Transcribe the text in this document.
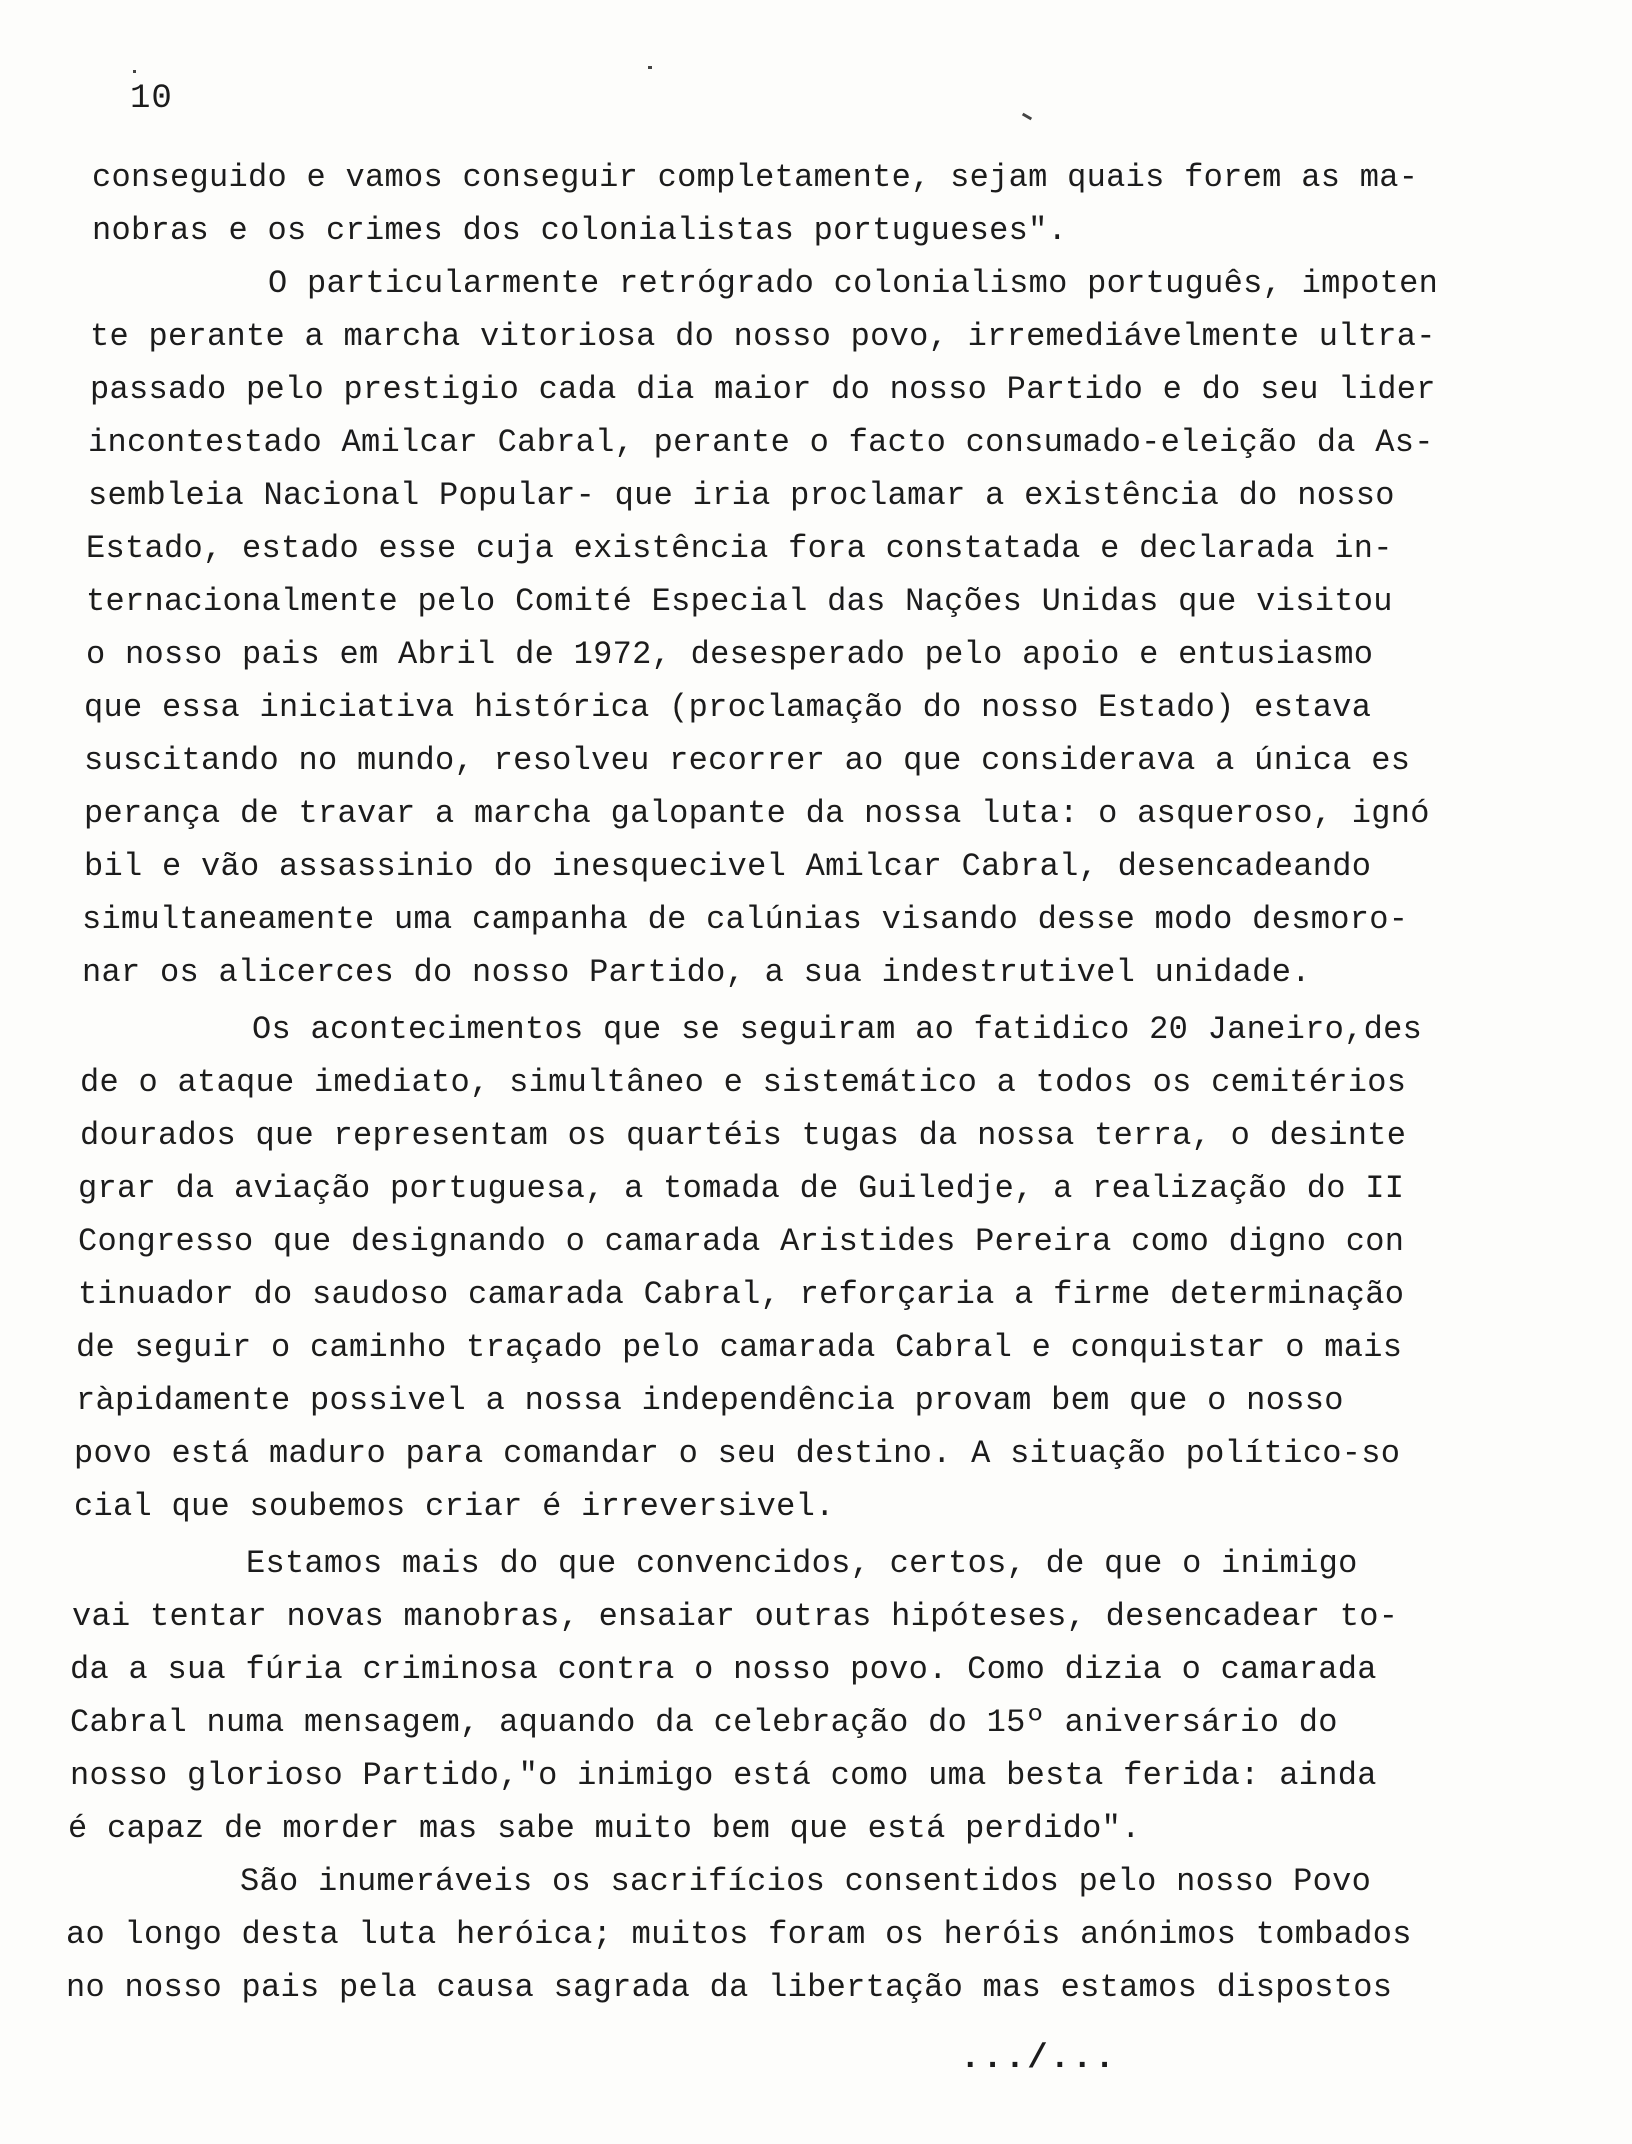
10
conseguido e vamos conseguir completamente, sejam quais forem as ma-
nobras e os crimes dos colonialistas portugueses".
O particularmente retrógrado colonialismo português, impoten
te perante a marcha vitoriosa do nosso povo, irremediávelmente ultra-
passado pelo prestigio cada dia maior do nosso Partido e do seu lider
incontestado Amilcar Cabral, perante o facto consumado-eleição da As-
sembleia Nacional Popular- que iria proclamar a existência do nosso
Estado, estado esse cuja existência fora constatada e declarada in-
ternacionalmente pelo Comité Especial das Nações Unidas que visitou
o nosso pais em Abril de 1972, desesperado pelo apoio e entusiasmo
que essa iniciativa histórica (proclamação do nosso Estado) estava
suscitando no mundo, resolveu recorrer ao que considerava a única es
perança de travar a marcha galopante da nossa luta: o asqueroso, ignó
bil e vão assassinio do inesquecivel Amilcar Cabral, desencadeando
simultaneamente uma campanha de calúnias visando desse modo desmoro-
nar os alicerces do nosso Partido, a sua indestrutivel unidade.
Os acontecimentos que se seguiram ao fatidico 20 Janeiro,des
de o ataque imediato, simultâneo e sistemático a todos os cemitérios
dourados que representam os quartéis tugas da nossa terra, o desinte
grar da aviação portuguesa, a tomada de Guiledje, a realização do II
Congresso que designando o camarada Aristides Pereira como digno con
tinuador do saudoso camarada Cabral, reforçaria a firme determinação
de seguir o caminho traçado pelo camarada Cabral e conquistar o mais
ràpidamente possivel a nossa independência provam bem que o nosso
povo está maduro para comandar o seu destino. A situação político-so
cial que soubemos criar é irreversivel.
Estamos mais do que convencidos, certos, de que o inimigo
vai tentar novas manobras, ensaiar outras hipóteses, desencadear to-
da a sua fúria criminosa contra o nosso povo. Como dizia o camarada
Cabral numa mensagem, aquando da celebração do 15º aniversário do
nosso glorioso Partido,"o inimigo está como uma besta ferida: ainda
é capaz de morder mas sabe muito bem que está perdido".
São inumeráveis os sacrifícios consentidos pelo nosso Povo
ao longo desta luta heróica; muitos foram os heróis anónimos tombados
no nosso pais pela causa sagrada da libertação mas estamos dispostos
.../...
